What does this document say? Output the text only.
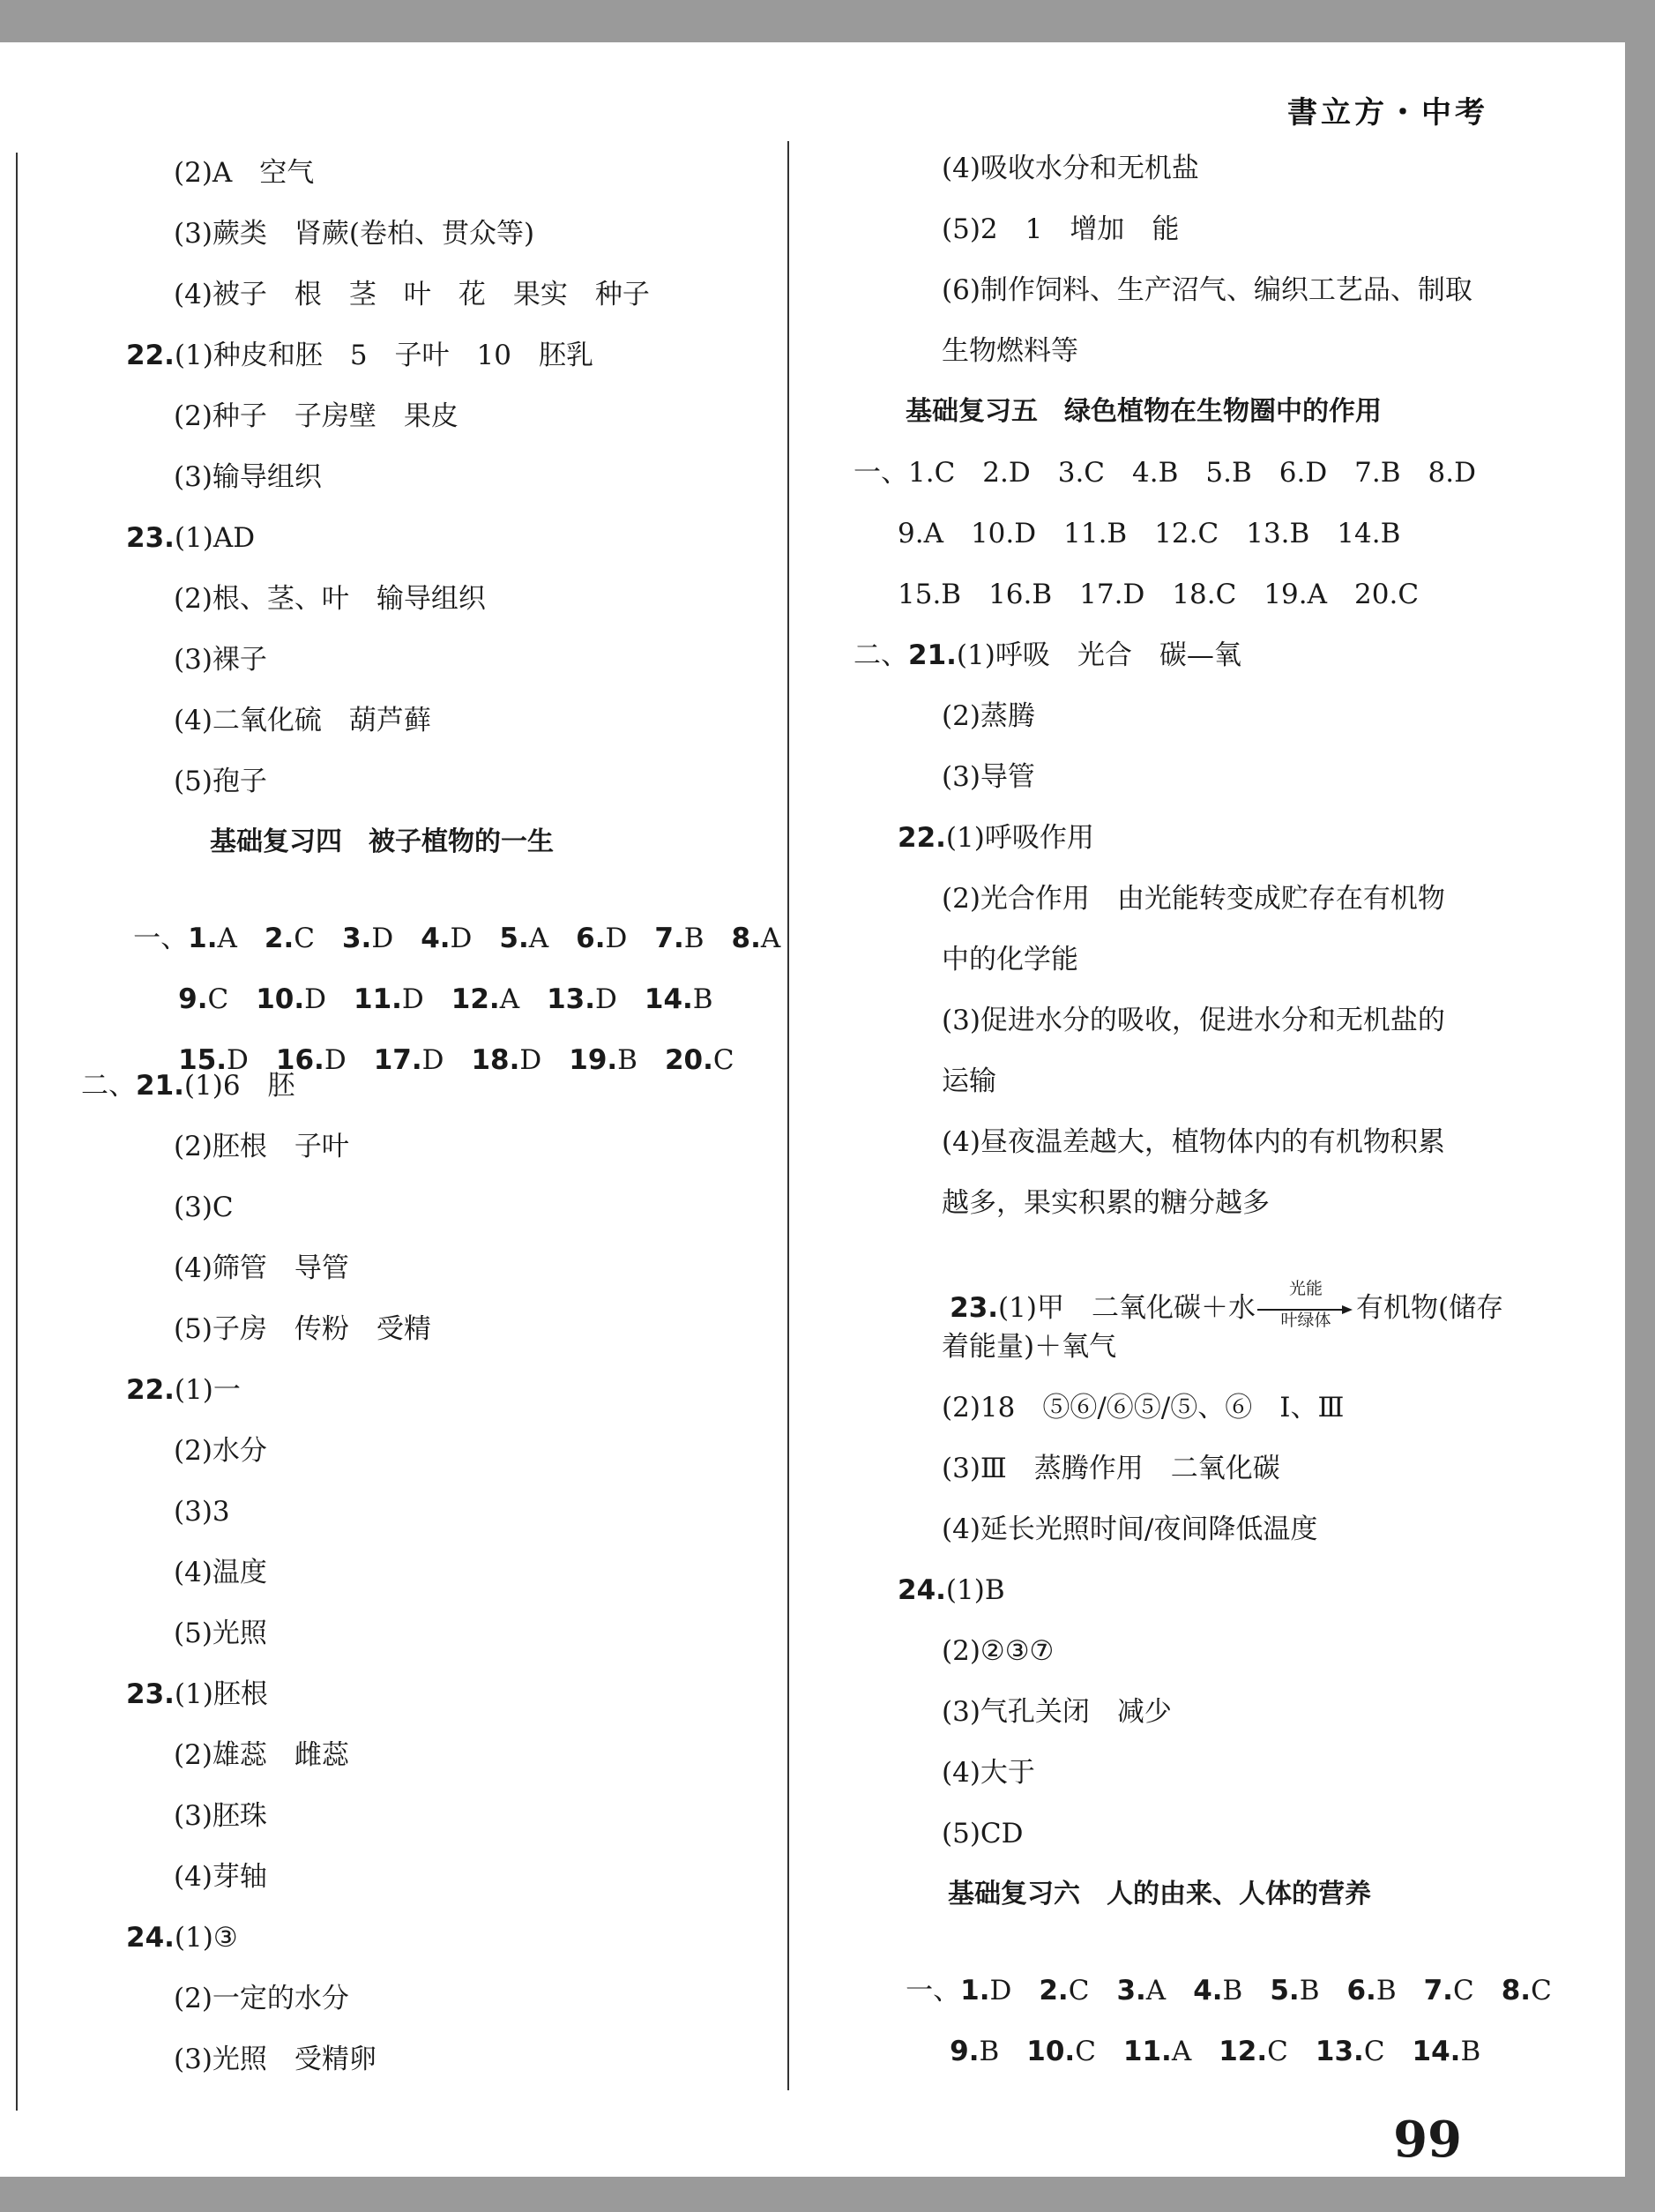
書立方・中考
(2)A　空气
(3)蕨类　肾蕨(卷柏、贯众等)
(4)被子　根　茎　叶　花　果实　种子
22.(1)种皮和胚　5　子叶　10　胚乳
(2)种子　子房壁　果皮
(3)输导组织
23.(1)AD
(2)根、茎、叶　输导组织
(3)裸子
(4)二氧化硫　葫芦藓
(5)孢子
基础复习四　被子植物的一生

一、1.A　 2.C　 3.D　 4.D　 5.A　 6.D　 7.B　 8.A

9.C　 10.D　 11.D　 12.A　 13.D　 14.B

15.D　 16.D　 17.D　 18.D　 19.B　 20.C

二、21.(1)6　胚
(2)胚根　子叶
(3)C
(4)筛管　导管
(5)子房　传粉　受精
22.(1)一
(2)水分
(3)3
(4)温度
(5)光照
23.(1)胚根
(2)雄蕊　雌蕊
(3)胚珠
(4)芽轴
24.(1)③
(2)一定的水分
(3)光照　受精卵
(4)吸收水分和无机盐
(5)2　1　增加　能
(6)制作饲料、生产沼气、编织工艺品、制取
生物燃料等
基础复习五　绿色植物在生物圈中的作用
一、1.C　2.D　3.C　4.B　5.B　6.D　7.B　8.D
9.A　10.D　11.B　12.C　13.B　14.B
15.B　16.B　17.D　18.C　19.A　20.C
二、21.(1)呼吸　光合　碳—氧
(2)蒸腾
(3)导管
22.(1)呼吸作用
(2)光合作用　由光能转变成贮存在有机物
中的化学能
(3)促进水分的吸收，促进水分和无机盐的
运输
(4)昼夜温差越大，植物体内的有机物积累
越多，果实积累的糖分越多

23.(1)甲　二氧化碳＋水
光能
叶绿体 有机物(储存

着能量)＋氧气
(2)18　⑤⑥/⑥⑤/⑤、⑥　Ⅰ、Ⅲ
(3)Ⅲ　蒸腾作用　二氧化碳
(4)延长光照时间/夜间降低温度
24.(1)B
(2)②③⑦
(3)气孔关闭　减少
(4)大于
(5)CD
基础复习六　人的由来、人体的营养

一、1.D　 2.C　 3.A　 4.B　 5.B　 6.B　 7.C　 8.C

9.B　 10.C　 11.A　 12.C　 13.C　 14.B

99
